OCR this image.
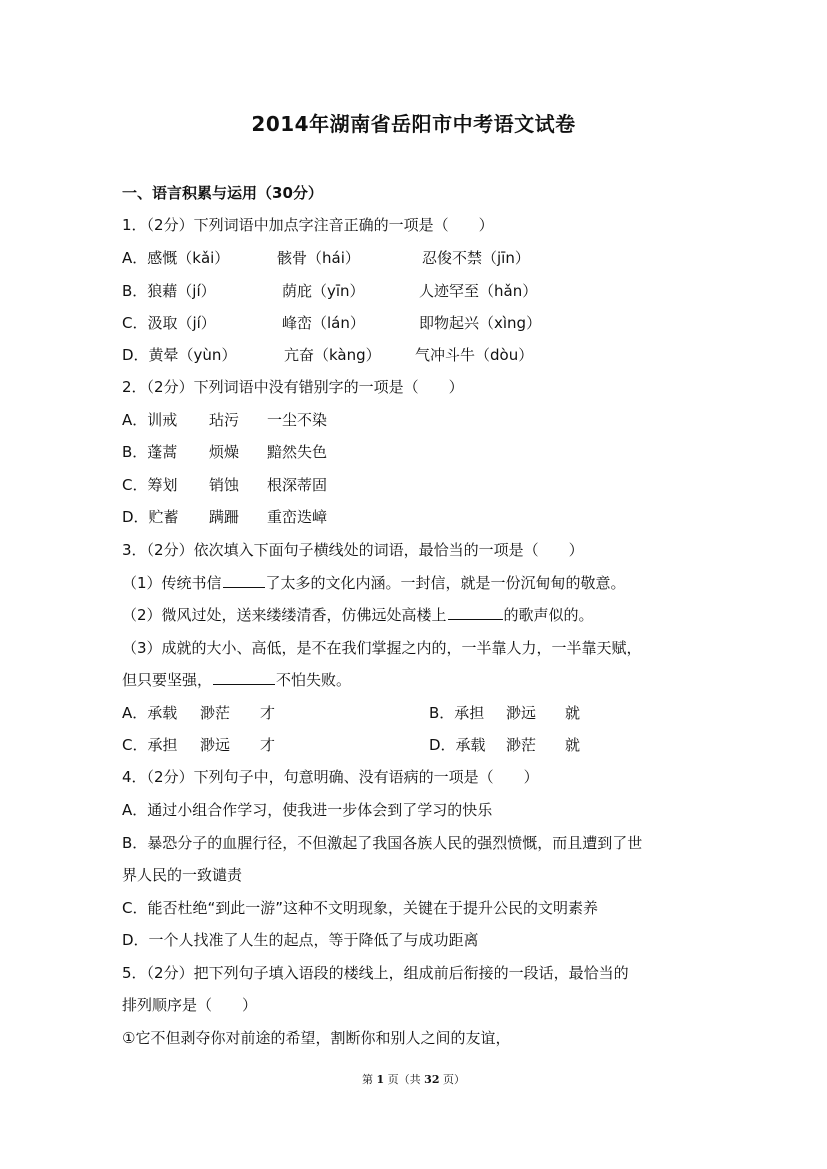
2014年湖南省岳阳市中考语文试卷
一、语言积累与运用（30分）
1．（2分）下列词语中加点字注音正确的一项是（　　）
A．感慨（kǎi）	骸骨（hái）	忍俊不禁（jīn）
B．狼藉（jí）	荫庇（yīn）	人迹罕至（hǎn）
C．汲取（jí）	峰峦（lán）	即物起兴（xìng）
D．黄晕（yùn）	亢奋（kàng） 气冲斗牛（dòu）
2．（2分）下列词语中没有错别字的一项是（　　）
A．训戒 玷污 一尘不染
B．蓬蒿 烦燥 黯然失色
C．筹划 销蚀 根深蒂固
D．贮蓄 蹒跚 重峦迭嶂
3．（2分）依次填入下面句子横线处的词语，最恰当的一项是（　　）
（1）传统书信	了太多的文化内涵。一封信，就是一份沉甸甸的敬意。
（2）微风过处，送来缕缕清香，仿佛远处高楼上	的歌声似的。
（3）成就的大小、高低，是不在我们掌握之内的，一半靠人力，一半靠天赋，
但只要坚强，	不怕失败。
A．承载 渺茫 才	B．承担 渺远 就
C．承担 渺远 才	D．承载 渺茫 就
4．（2分）下列句子中，句意明确、没有语病的一项是（　　）
A．通过小组合作学习，使我进一步体会到了学习的快乐
B．暴恐分子的血腥行径，不但激起了我国各族人民的强烈愤慨，而且遭到了世
界人民的一致谴责
C．能否杜绝“到此一游”这种不文明现象，关键在于提升公民的文明素养
D．一个人找准了人生的起点，等于降低了与成功距离
5．（2分）把下列句子填入语段的楼线上，组成前后衔接的一段话，最恰当的
排列顺序是（　　）
①它不但剥夺你对前途的希望，割断你和别人之间的友谊，
第 1 页（共 32 页）
